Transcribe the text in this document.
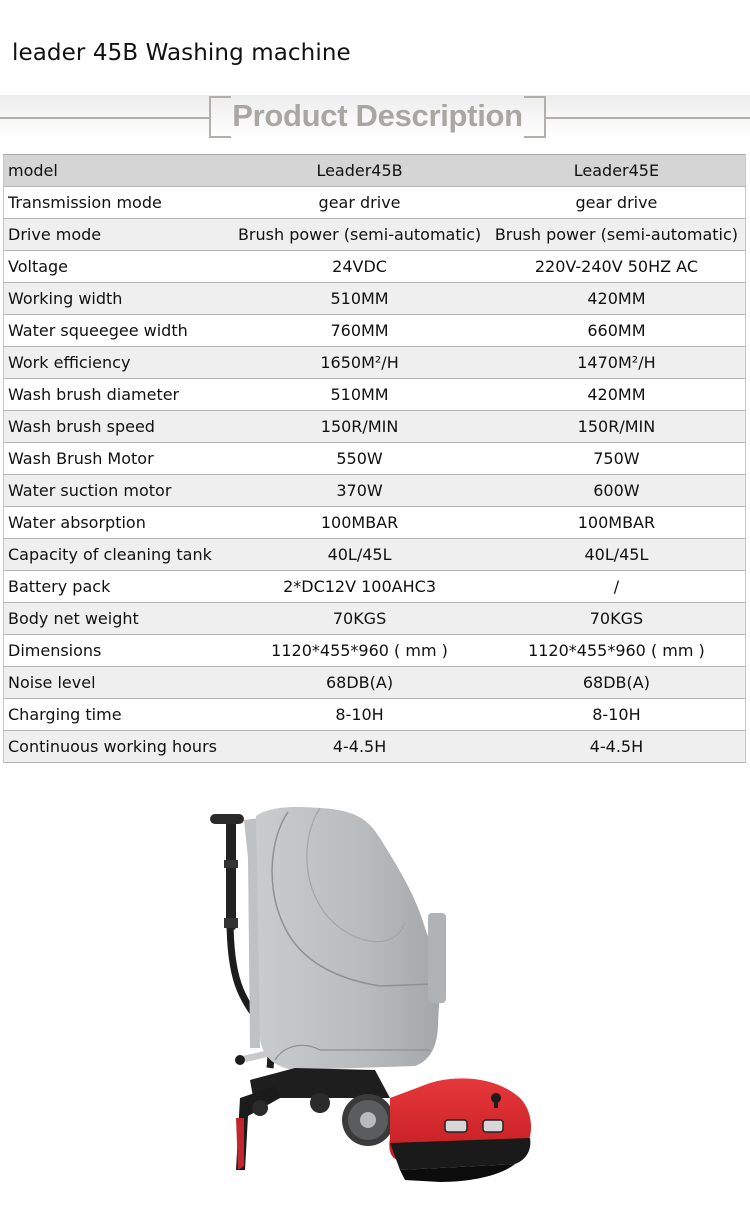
leader 45B Washing machine
Product Description
model	Leader45B	Leader45E
Transmission mode	gear drive	gear drive
Drive mode	Brush power (semi-automatic)	Brush power (semi-automatic)
Voltage	24VDC	220V-240V 50HZ AC
Working width	510MM	420MM
Water squeegee width	760MM	660MM
Work efficiency	1650M²/H	1470M²/H
Wash brush diameter	510MM	420MM
Wash brush speed	150R/MIN	150R/MIN
Wash Brush Motor	550W	750W
Water suction motor	370W	600W
Water absorption	100MBAR	100MBAR
Capacity of cleaning tank	40L/45L	40L/45L
Battery pack	2*DC12V 100AHC3	/
Body net weight	70KGS	70KGS
Dimensions	1120*455*960 ( mm )	1120*455*960 ( mm )
Noise level	68DB(A)	68DB(A)
Charging time	8-10H	8-10H
Continuous working hours	4-4.5H	4-4.5H
